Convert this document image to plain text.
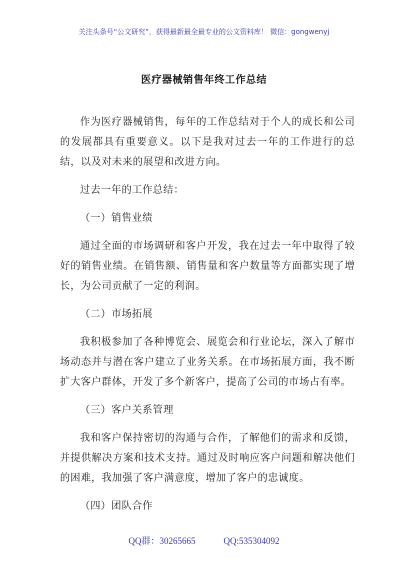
关注头条号“公文研究”，获得最新最全最专业的公文资料库！ 微信：gongwenyj
医疗器械销售年终工作总结

作为医疗器械销售，每年的工作总结对于个人的成长和公司的发展都具有重要意义。以下是我对过去一年的工作进行的总结，以及对未来的展望和改进方向。

过去一年的工作总结：

（一）销售业绩

通过全面的市场调研和客户开发，我在过去一年中取得了较好的销售业绩。在销售额、销售量和客户数量等方面都实现了增长，为公司贡献了一定的利润。

（二）市场拓展

我积极参加了各种博览会、展览会和行业论坛，深入了解市场动态并与潜在客户建立了业务关系。在市场拓展方面，我不断扩大客户群体，开发了多个新客户，提高了公司的市场占有率。

（三）客户关系管理

我和客户保持密切的沟通与合作，了解他们的需求和反馈，并提供解决方案和技术支持。通过及时响应客户问题和解决他们的困难，我加强了客户满意度，增加了客户的忠诚度。

（四）团队合作

QQ群：30265665	QQ:535304092
